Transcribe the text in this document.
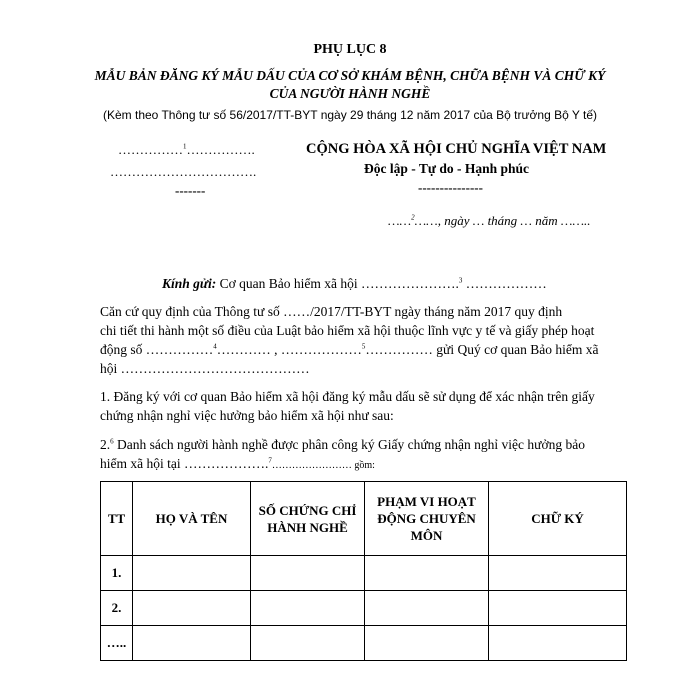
PHỤ LỤC 8
MẪU BẢN ĐĂNG KÝ MẪU DẤU CỦA CƠ SỞ KHÁM BỆNH, CHỮA BỆNH VÀ CHỮ KÝ
CỦA NGƯỜI HÀNH NGHỀ
(Kèm theo Thông tư số 56/2017/TT-BYT ngày 29 tháng 12 năm 2017 của Bộ trưởng Bộ Y tế)
……………$^1$…………….
…………………………….
-------
CỘNG HÒA XÃ HỘI CHỦ NGHĨA VIỆT NAM
Độc lập - Tự do - Hạnh phúc
---------------
……$^2$……, ngày … tháng … năm ……..
Kính gửi: Cơ quan Bảo hiểm xã hội ………………….$^3$ ………………
Căn cứ quy định của Thông tư số ……/2017/TT-BYT ngày tháng năm 2017 quy định
chi tiết thi hành một số điều của Luật bảo hiểm xã hội thuộc lĩnh vực y tế và giấy phép hoạt
động số ……………$^4$………… , ………………$^5$…………… gửi Quý cơ quan Bảo hiểm xã
hội ……………………………………
1. Đăng ký với cơ quan Bảo hiểm xã hội đăng ký mẫu dấu sẽ sử dụng để xác nhận trên giấy
chứng nhận nghỉ việc hưởng bảo hiểm xã hội như sau:
2.$^6$ Danh sách người hành nghề được phân công ký Giấy chứng nhận nghỉ việc hưởng bảo
hiểm xã hội tại ……………….$^7$…………………… gồm:
TT	HỌ VÀ TÊN	SỐ CHỨNG CHỈ
HÀNH NGHỀ	PHẠM VI HOẠT
ĐỘNG CHUYÊN
MÔN	CHỮ KÝ
1.				
2.				
…..				
